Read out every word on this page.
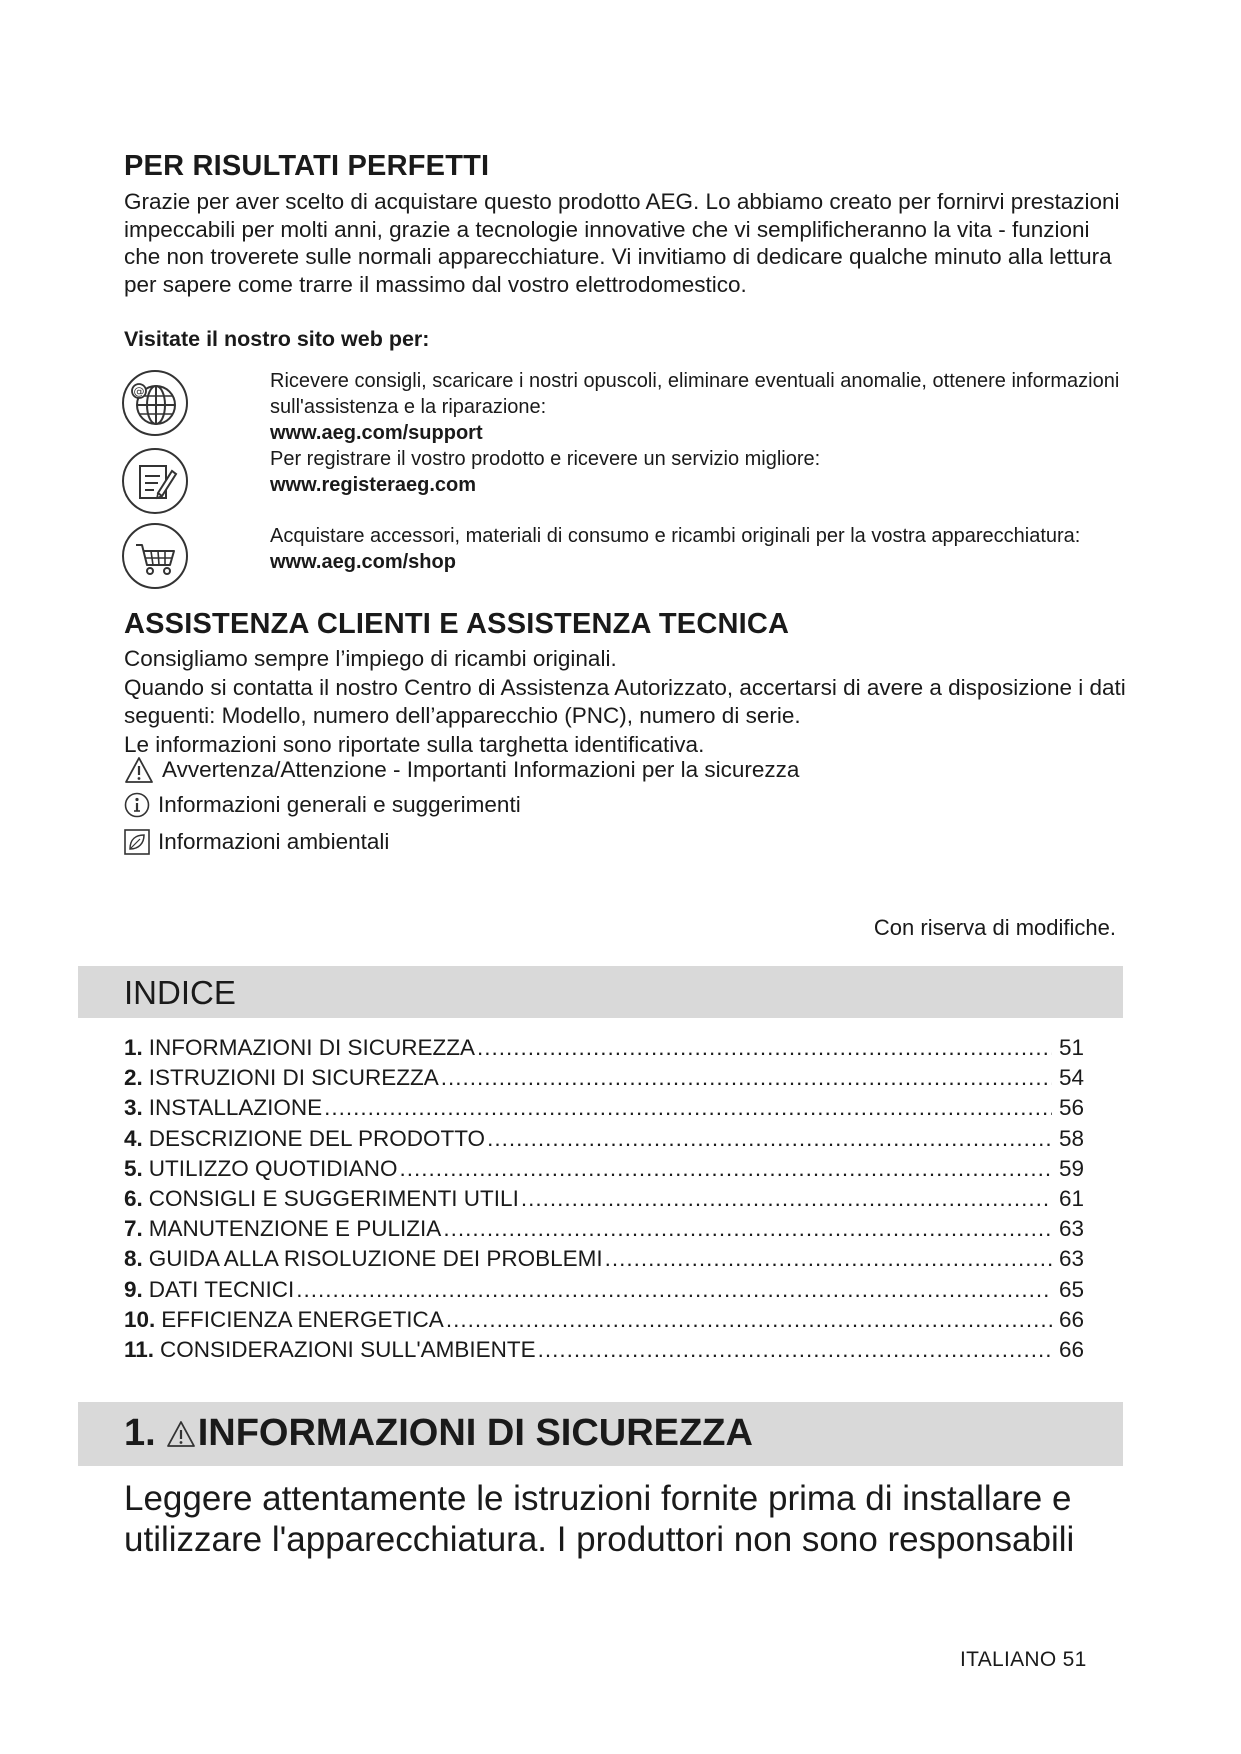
PER RISULTATI PERFETTI

Grazie per aver scelto di acquistare questo prodotto AEG. Lo abbiamo creato per fornirvi prestazioni impeccabili per molti anni, grazie a tecnologie innovative che vi semplificheranno la vita - funzioni che non troverete sulle normali apparecchiature. Vi invitiamo di dedicare qualche minuto alla lettura per sapere come trarre il massimo dal vostro elettrodomestico.

Visitate il nostro sito web per:
@	Ricevere consigli, scaricare i nostri opuscoli, eliminare eventuali anomalie, ottenere informazioni sull'assistenza e la riparazione:
www.aeg.com/support
Per registrare il vostro prodotto e ricevere un servizio migliore:
www.registeraeg.com
Acquistare accessori, materiali di consumo e ricambi originali per la vostra apparecchiatura:
www.aeg.com/shop
ASSISTENZA CLIENTI E ASSISTENZA TECNICA
Consigliamo sempre l’impiego di ricambi originali.
Quando si contatta il nostro Centro di Assistenza Autorizzato, accertarsi di avere a disposizione i dati seguenti: Modello, numero dell’apparecchio (PNC), numero di serie.
Le informazioni sono riportate sulla targhetta identificativa.
Avvertenza/Attenzione - Importanti Informazioni per la sicurezza
Informazioni generali e suggerimenti
Informazioni ambientali
Con riserva di modifiche.
INDICE
1. INFORMAZIONI DI SICUREZZA .....	51
2. ISTRUZIONI DI SICUREZZA .....	54
3. INSTALLAZIONE .....	56
4. DESCRIZIONE DEL PRODOTTO .....	58
5. UTILIZZO QUOTIDIANO .....	59
6. CONSIGLI E SUGGERIMENTI UTILI .....	61
7. MANUTENZIONE E PULIZIA .....	63
8. GUIDA ALLA RISOLUZIONE DEI PROBLEMI .....	63
9. DATI TECNICI .....	65
10. EFFICIENZA ENERGETICA .....	66
11. CONSIDERAZIONI SULL'AMBIENTE .....	66
1. INFORMAZIONI DI SICUREZZA

Leggere attentamente le istruzioni fornite prima di installare e utilizzare l'apparecchiatura. I produttori non sono responsabili

ITALIANO 51
